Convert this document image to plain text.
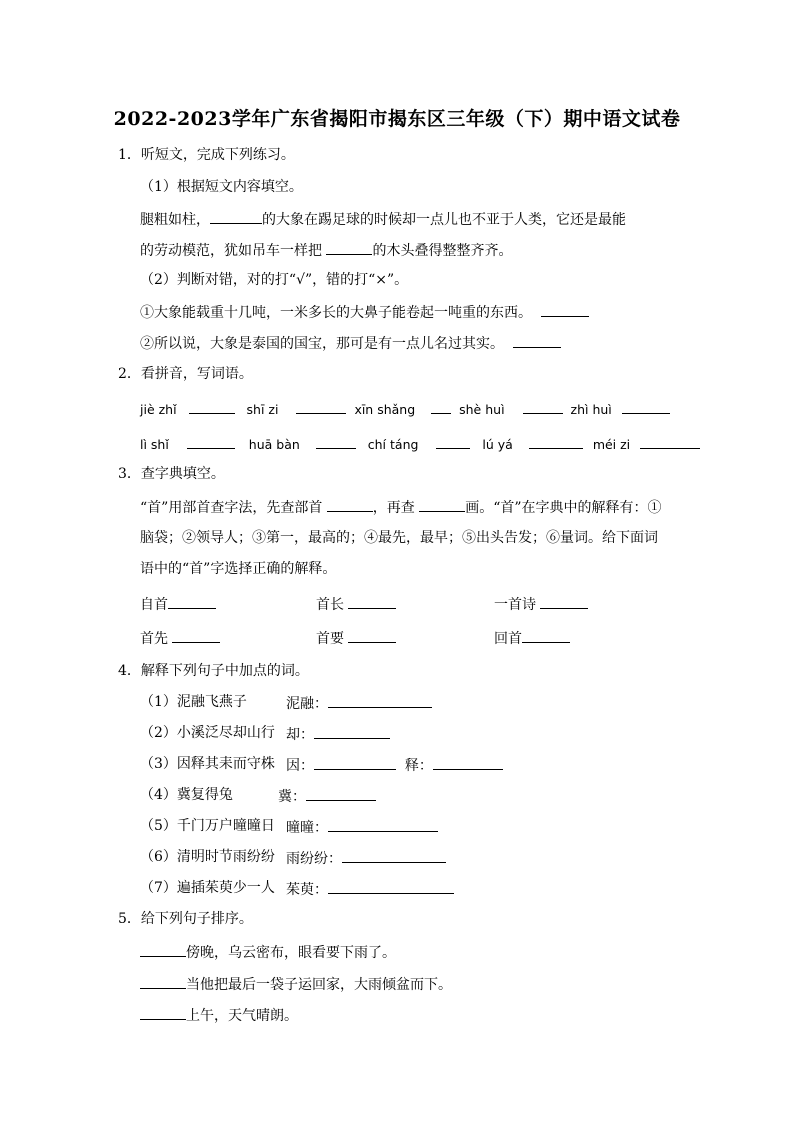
2022-2023学年广东省揭阳市揭东区三年级（下）期中语文试卷
1．听短文，完成下列练习。
（1）根据短文内容填空。
腿粗如柱，	的大象在踢足球的时候却一点儿也不亚于人类，它还是最能
的劳动模范，犹如吊车一样把	的木头叠得整整齐齐。
（2）判断对错，对的打“√”，错的打“×”。
①大象能载重十几吨，一米多长的大鼻子能卷起一吨重的东西。
②所以说，大象是泰国的国宝，那可是有一点儿名过其实。
2．看拼音，写词语。
jiè zhǐ	shī zi	xīn shǎng	shè huì	zhì huì
lì shǐ	huā bàn	chí táng	lú yá	méi zi
3．查字典填空。
“首”用部首查字法，先查部首	，再查	画。“首”在字典中的解释有：①
脑袋；②领导人；③第一，最高的；④最先，最早；⑤出头告发；⑥量词。给下面词
语中的“首”字选择正确的解释。
自首	首长	一首诗
首先	首要	回首
4．解释下列句子中加点的词。
（1）泥融飞燕子	泥融：
（2）小溪泛尽却山行 却：
（3）因释其耒而守株 因：	释：
（4）冀复得兔	冀：
（5）千门万户曈曈日 曈曈：
（6）清明时节雨纷纷 雨纷纷：
（7）遍插茱萸少一人 茱萸：
5．给下列句子排序。
傍晚，乌云密布，眼看要下雨了。
当他把最后一袋子运回家，大雨倾盆而下。
上午，天气晴朗。
